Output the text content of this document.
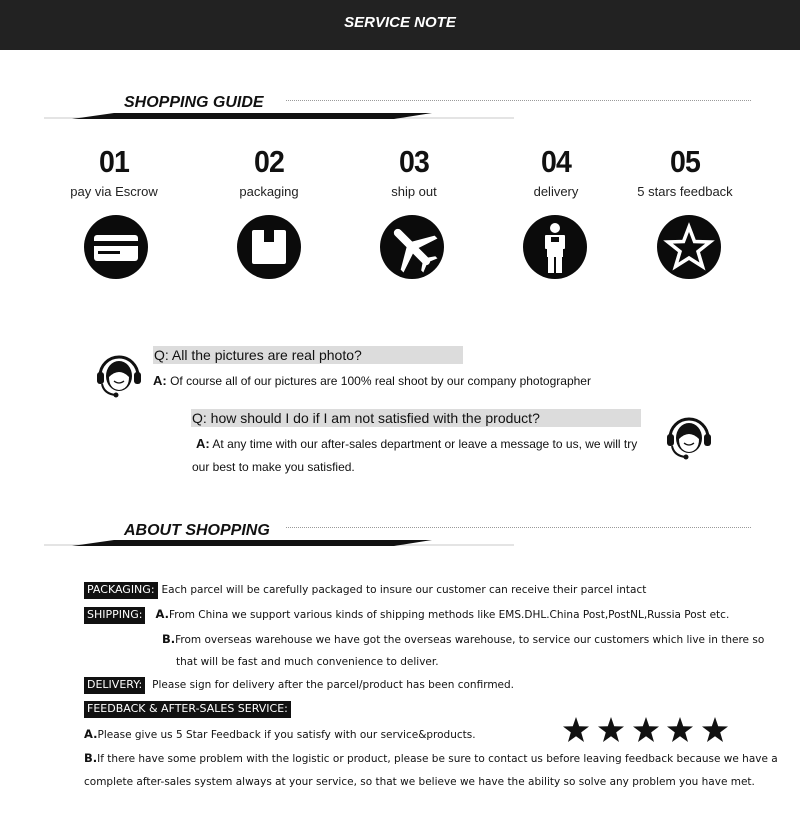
SERVICE NOTE
SHOPPING GUIDE
01
pay via Escrow
02
packaging
03
ship out
04
delivery
05
5 stars feedback
Q: All the pictures are real photo?
A: Of course all of our pictures are 100% real shoot by our company photographer
Q: how should I do if I am not satisfied with the product?
A: At any time with our after-sales department or leave a message to us, we will try
our best to make you satisfied.
ABOUT SHOPPING
PACKAGING: Each parcel will be carefully packaged to insure our customer can receive their parcel intact
SHIPPING: A.From China we support various kinds of shipping methods like EMS.DHL.China Post,PostNL,Russia Post etc.
B.From overseas warehouse we have got the overseas warehouse, to service our customers which live in there so
that will be fast and much convenience to deliver.
DELIVERY: Please sign for delivery after the parcel/product has been confirmed.
FEEDBACK & AFTER-SALES SERVICE:
A.Please give us 5 Star Feedback if you satisfy with our service&products.
B.If there have some problem with the logistic or product, please be sure to contact us before leaving feedback because we have a
complete after-sales system always at your service, so that we believe we have the ability so solve any problem you have met.
